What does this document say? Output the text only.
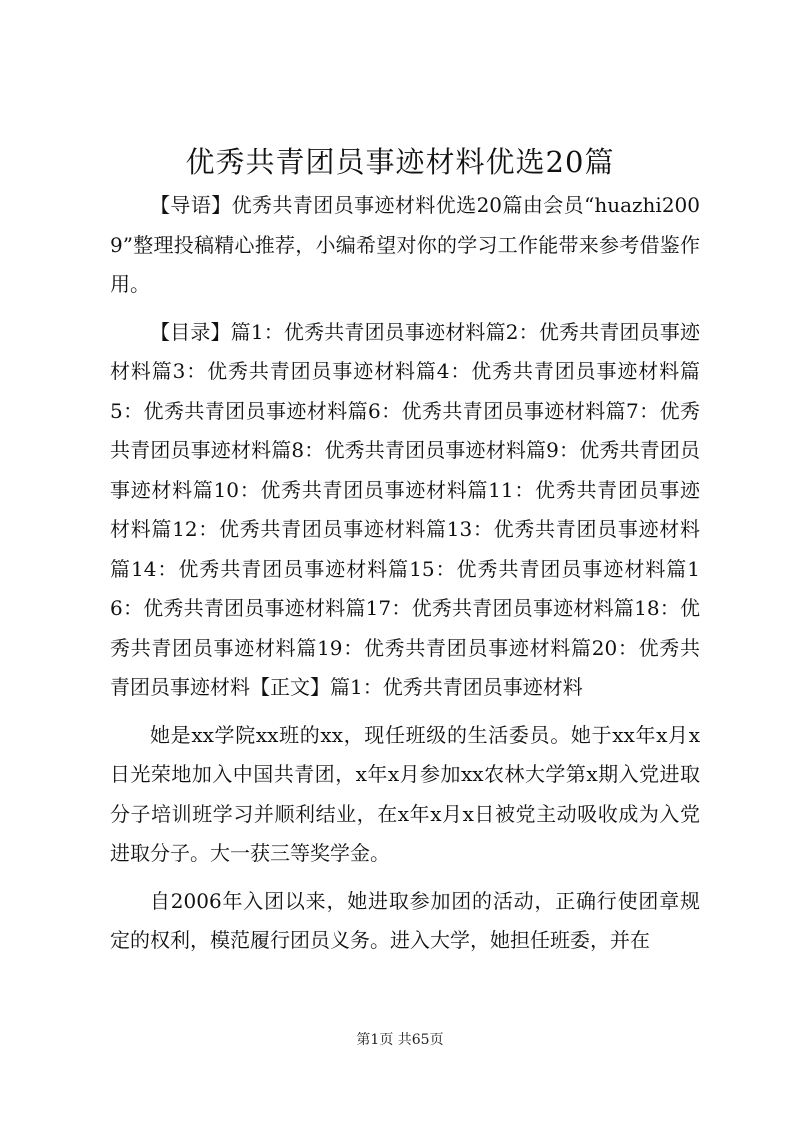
优秀共青团员事迹材料优选20篇

【导语】优秀共青团员事迹材料优选20篇由会员“huazhi2009”整理投稿精心推荐，小编希望对你的学习工作能带来参考借鉴作用。

【目录】篇1：优秀共青团员事迹材料篇2：优秀共青团员事迹材料篇3：优秀共青团员事迹材料篇4：优秀共青团员事迹材料篇5：优秀共青团员事迹材料篇6：优秀共青团员事迹材料篇7：优秀共青团员事迹材料篇8：优秀共青团员事迹材料篇9：优秀共青团员事迹材料篇10：优秀共青团员事迹材料篇11：优秀共青团员事迹材料篇12：优秀共青团员事迹材料篇13：优秀共青团员事迹材料篇14：优秀共青团员事迹材料篇15：优秀共青团员事迹材料篇16：优秀共青团员事迹材料篇17：优秀共青团员事迹材料篇18：优秀共青团员事迹材料篇19：优秀共青团员事迹材料篇20：优秀共青团员事迹材料【正文】篇1：优秀共青团员事迹材料

她是xx学院xx班的xx，现任班级的生活委员。她于xx年x月x日光荣地加入中国共青团，x年x月参加xx农林大学第x期入党进取分子培训班学习并顺利结业，在x年x月x日被党主动吸收成为入党进取分子。大一获三等奖学金。

自2006年入团以来，她进取参加团的活动，正确行使团章规定的权利，模范履行团员义务。进入大学，她担任班委，并在

第1页 共65页
